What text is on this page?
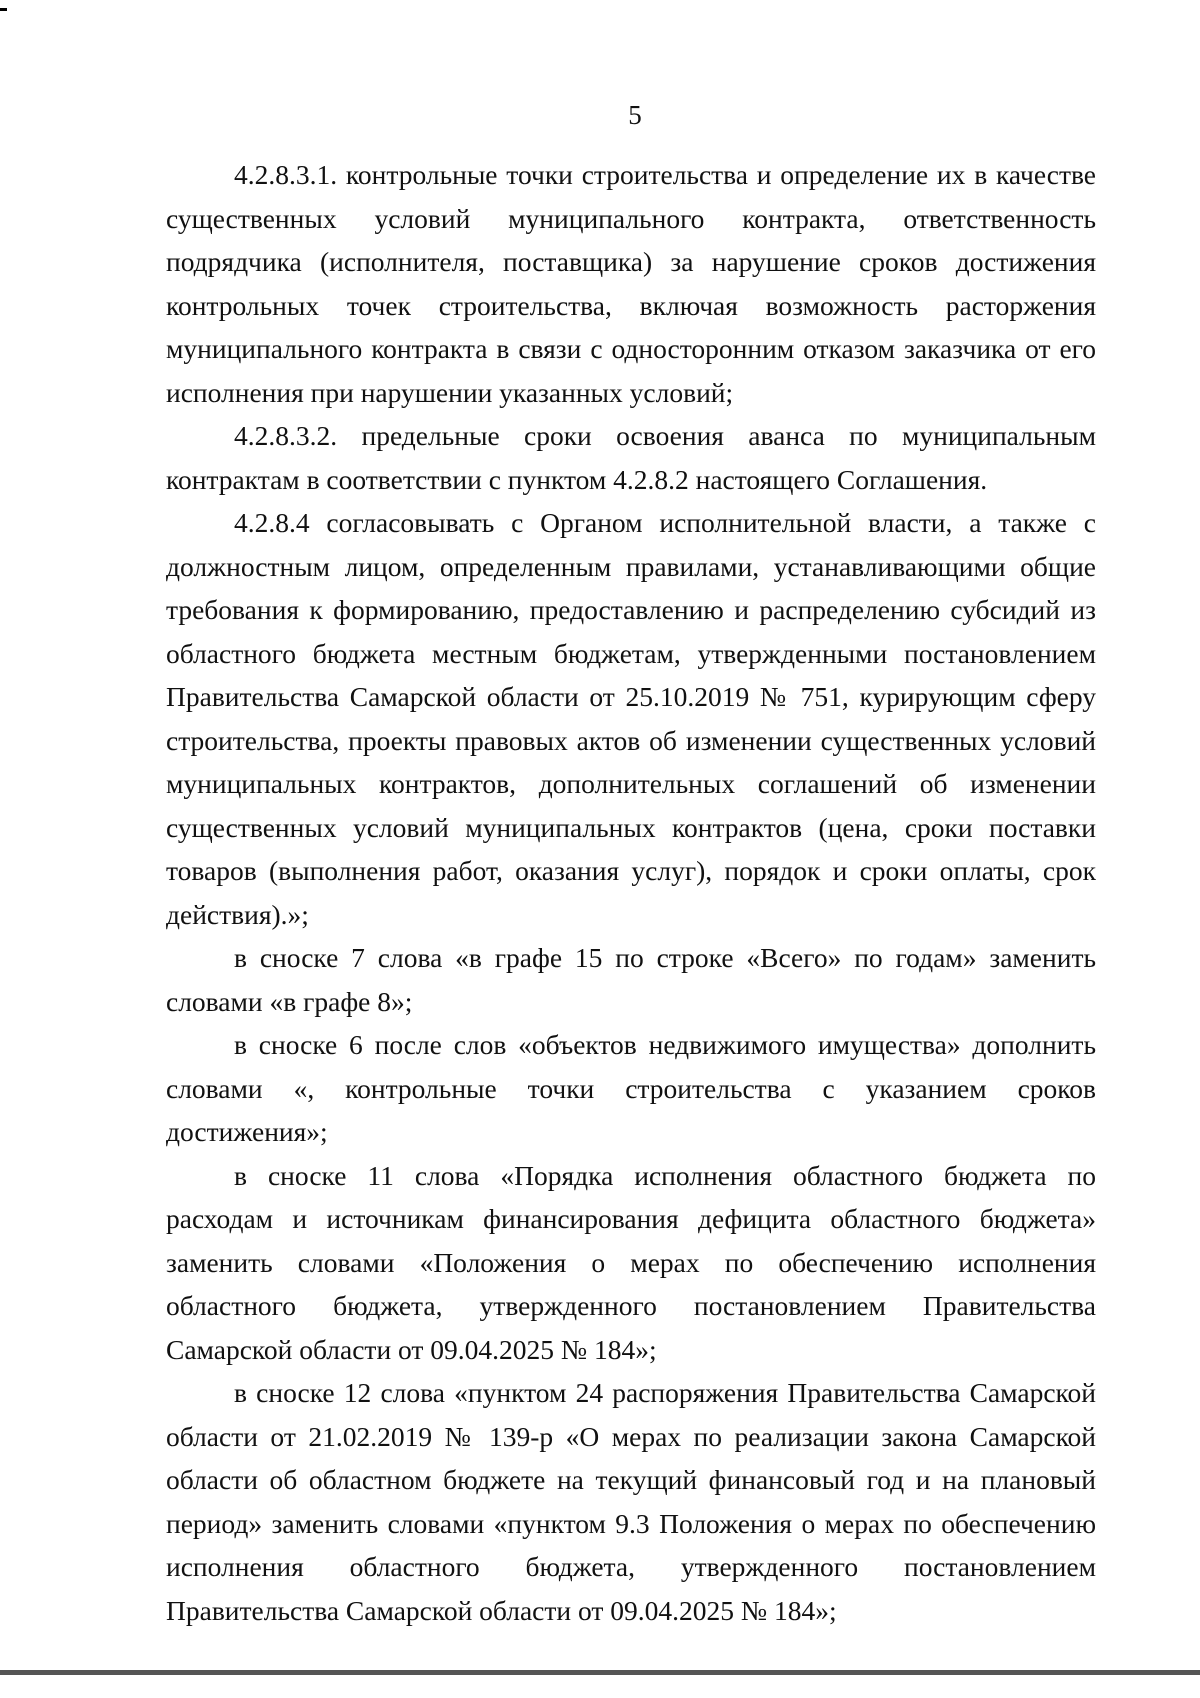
5

4.2.8.3.1. контрольные точки строительства и определение их в качестве существенных условий муниципального контракта, ответственность подрядчика (исполнителя, поставщика) за нарушение сроков достижения контрольных точек строительства, включая возможность расторжения муниципального контракта в связи с односторонним отказом заказчика от его исполнения при нарушении указанных условий;

4.2.8.3.2. предельные сроки освоения аванса по муниципальным контрактам в соответствии с пунктом 4.2.8.2 настоящего Соглашения.

4.2.8.4 согласовывать с Органом исполнительной власти, а также с должностным лицом, определенным правилами, устанавливающими общие требования к формированию, предоставлению и распределению субсидий из областного бюджета местным бюджетам, утвержденными постановлением Правительства Самарской области от 25.10.2019 № 751, курирующим сферу строительства, проекты правовых актов об изменении существенных условий муниципальных контрактов, дополнительных соглашений об изменении существенных условий муниципальных контрактов (цена, сроки поставки товаров (выполнения работ, оказания услуг), порядок и сроки оплаты, срок действия).»;

в сноске 7 слова «в графе 15 по строке «Всего» по годам» заменить словами «в графе 8»;

в сноске 6 после слов «объектов недвижимого имущества» дополнить словами «, контрольные точки строительства с указанием сроков достижения»;

в сноске 11 слова «Порядка исполнения областного бюджета по расходам и источникам финансирования дефицита областного бюджета» заменить словами «Положения о мерах по обеспечению исполнения областного бюджета, утвержденного постановлением Правительства Самарской области от 09.04.2025 № 184»;

в сноске 12 слова «пунктом 24 распоряжения Правительства Самарской области от 21.02.2019 № 139-р «О мерах по реализации закона Самарской области об областном бюджете на текущий финансовый год и на плановый период» заменить словами «пунктом 9.3 Положения о мерах по обеспечению исполнения областного бюджета, утвержденного постановлением Правительства Самарской области от 09.04.2025 № 184»;
